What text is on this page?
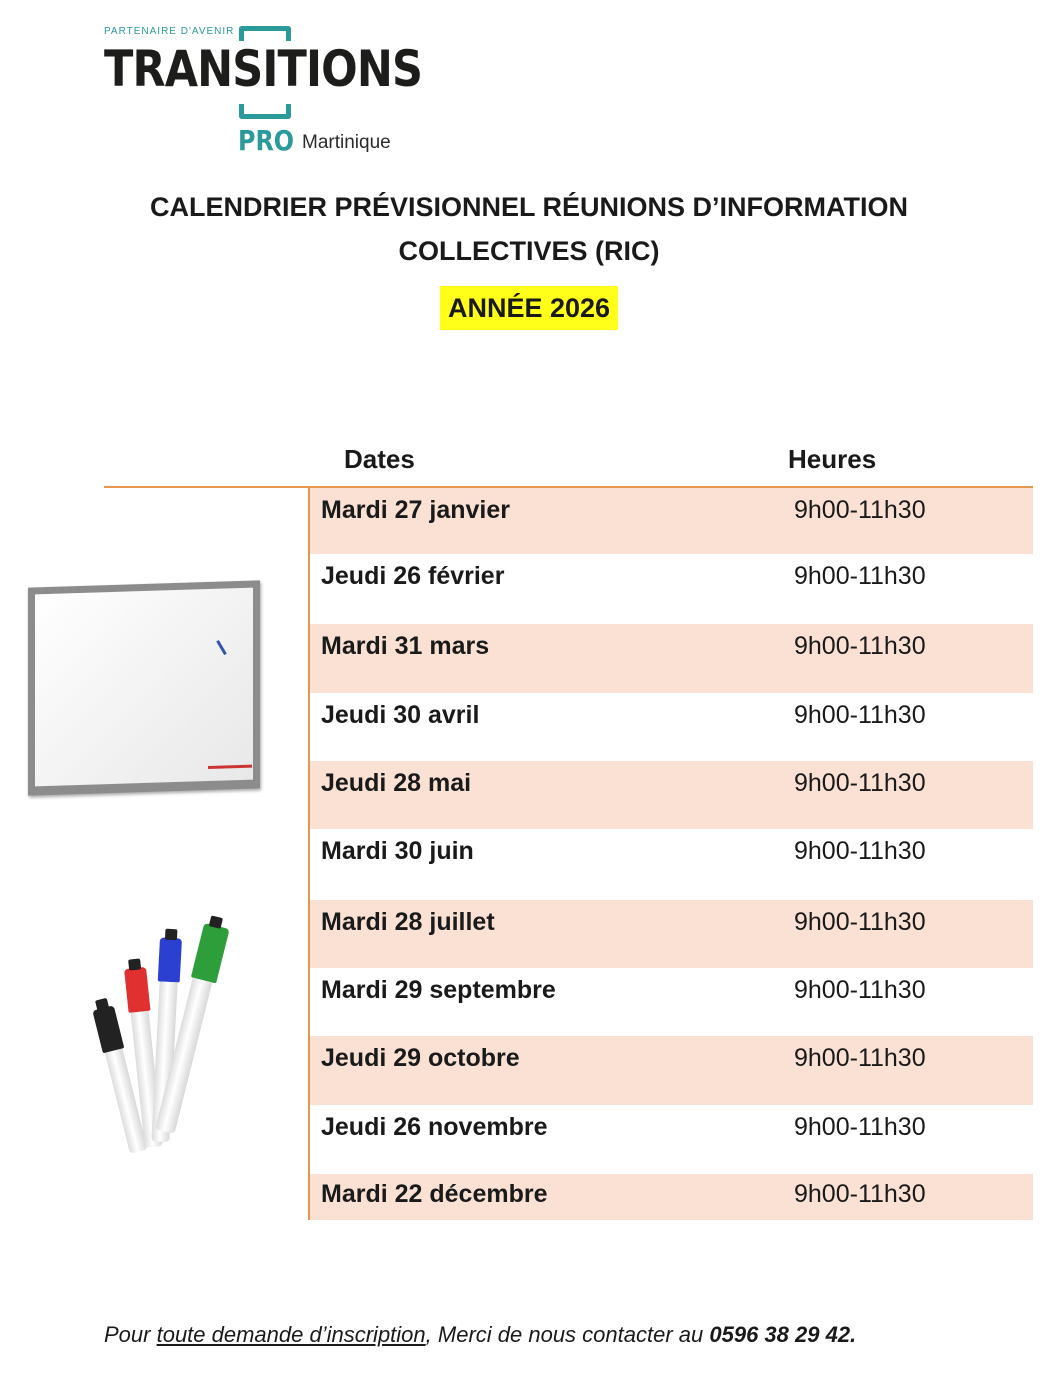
PARTENAIRE D'AVENIR
TRANSITIONS
PRO Martinique
CALENDRIER PRÉVISIONNEL RÉUNIONS D’INFORMATION
COLLECTIVES (RIC)
ANNÉE 2026
Dates	Heures
Mardi 27 janvier	9h00-11h30
Jeudi 26 février	9h00-11h30
Mardi 31 mars	9h00-11h30
Jeudi 30 avril	9h00-11h30
Jeudi 28 mai	9h00-11h30
Mardi 30 juin	9h00-11h30
Mardi 28 juillet	9h00-11h30
Mardi 29 septembre	9h00-11h30
Jeudi 29 octobre	9h00-11h30
Jeudi 26 novembre	9h00-11h30
Mardi 22 décembre	9h00-11h30
Pour toute demande d’inscription, Merci de nous contacter au 0596 38 29 42.
